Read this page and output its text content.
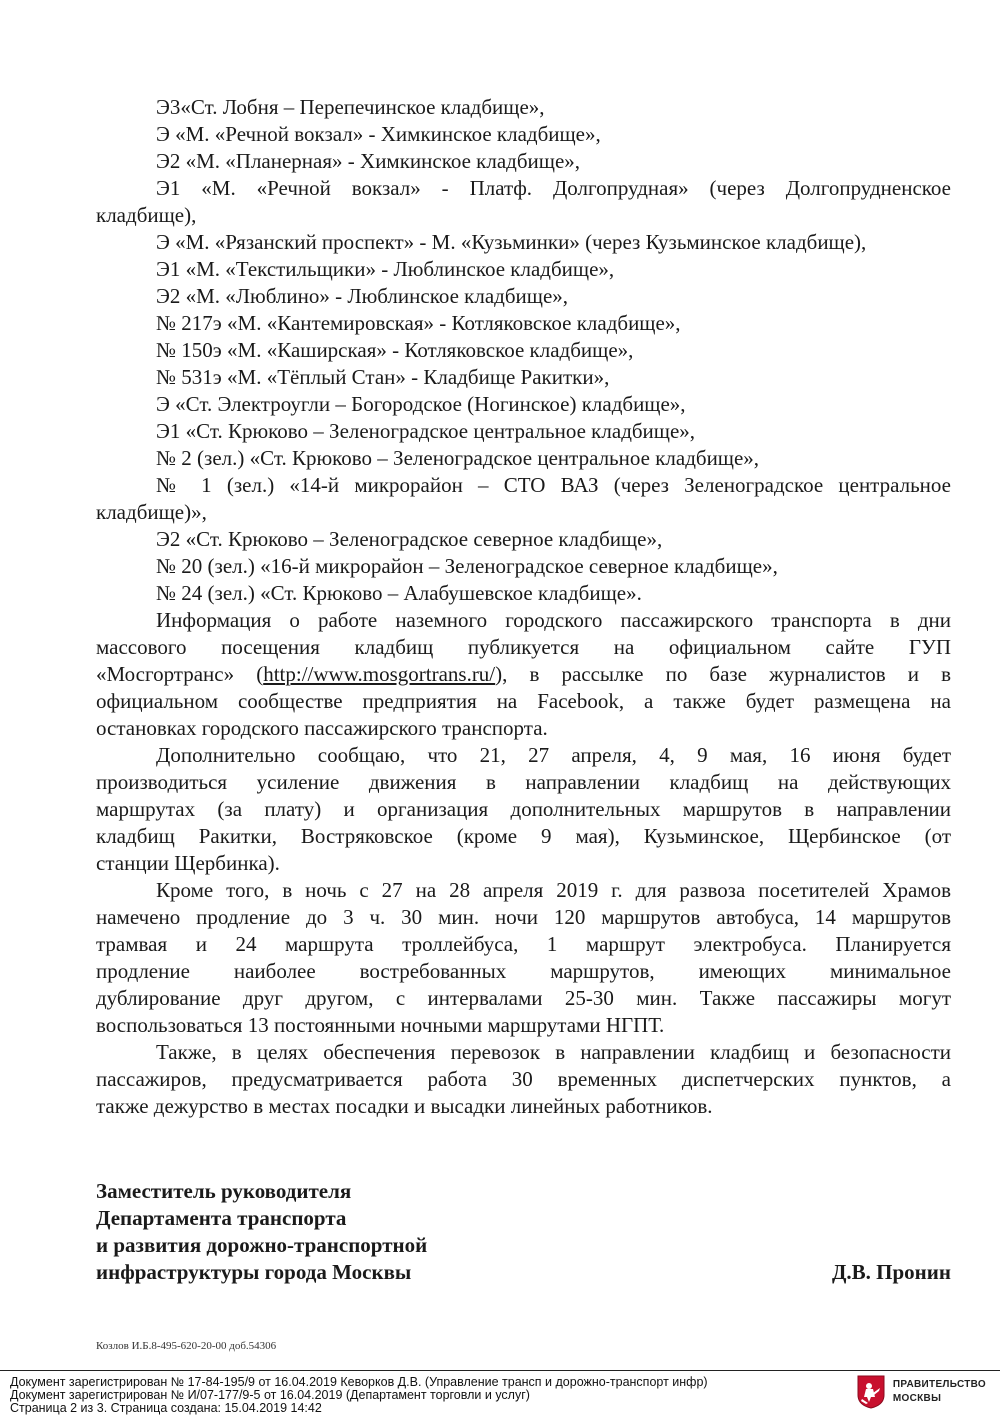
Э3«Ст. Лобня – Перепечинское кладбище»,
Э «М. «Речной вокзал» - Химкинское кладбище»,
Э2 «М. «Планерная» - Химкинское кладбище»,
Э1 «М. «Речной вокзал» - Платф. Долгопрудная» (через Долгопрудненское
кладбище),
Э «М. «Рязанский проспект» - М. «Кузьминки» (через Кузьминское кладбище),
Э1 «М. «Текстильщики» - Люблинское кладбище»,
Э2 «М. «Люблино» - Люблинское кладбище»,
№ 217э «М. «Кантемировская» - Котляковское кладбище»,
№ 150э «М. «Каширская» - Котляковское кладбище»,
№ 531э «М. «Тёплый Стан» - Кладбище Ракитки»,
Э «Ст. Электроугли – Богородское (Ногинское) кладбище»,
Э1 «Ст. Крюково – Зеленоградское центральное кладбище»,
№ 2 (зел.) «Ст. Крюково – Зеленоградское центральное кладбище»,
№ 1 (зел.) «14-й микрорайон – СТО ВАЗ (через Зеленоградское центральное
кладбище)»,
Э2 «Ст. Крюково – Зеленоградское северное кладбище»,
№ 20 (зел.) «16-й микрорайон – Зеленоградское северное кладбище»,
№ 24 (зел.) «Ст. Крюково – Алабушевское кладбище».
Информация о работе наземного городского пассажирского транспорта в дни
массового посещения кладбищ публикуется на официальном сайте ГУП
«Мосгортранс» (http://www.mosgortrans.ru/), в рассылке по базе журналистов и в
официальном сообществе предприятия на Facebook, а также будет размещена на
остановках городского пассажирского транспорта.
Дополнительно сообщаю, что 21, 27 апреля, 4, 9 мая, 16 июня будет
производиться усиление движения в направлении кладбищ на действующих
маршрутах (за плату) и организация дополнительных маршрутов в направлении
кладбищ Ракитки, Востряковское (кроме 9 мая), Кузьминское, Щербинское (от
станции Щербинка).
Кроме того, в ночь с 27 на 28 апреля 2019 г. для развоза посетителей Храмов
намечено продление до 3 ч. 30 мин. ночи 120 маршрутов автобуса, 14 маршрутов
трамвая и 24 маршрута троллейбуса, 1 маршрут электробуса. Планируется
продление наиболее востребованных маршрутов, имеющих минимальное
дублирование друг другом, с интервалами 25-30 мин. Также пассажиры могут
воспользоваться 13 постоянными ночными маршрутами НГПТ.
Также, в целях обеспечения перевозок в направлении кладбищ и безопасности
пассажиров, предусматривается работа 30 временных диспетчерских пунктов, а
также дежурство в местах посадки и высадки линейных работников.
Заместитель руководителя
Департамента транспорта
и развития дорожно-транспортной
инфраструктуры города Москвы	Д.В. Пронин
Козлов И.Б.8-495-620-20-00 доб.54306
Документ зарегистрирован № 17-84-195/9 от 16.04.2019 Кеворков Д.В. (Управление трансп и дорожно-транспорт инфр)
Документ зарегистрирован № И/07-177/9-5 от 16.04.2019 (Департамент торговли и услуг)
Страница 2 из 3. Страница создана: 15.04.2019 14:42
ПРАВИТЕЛЬСТВО
МОСКВЫ
